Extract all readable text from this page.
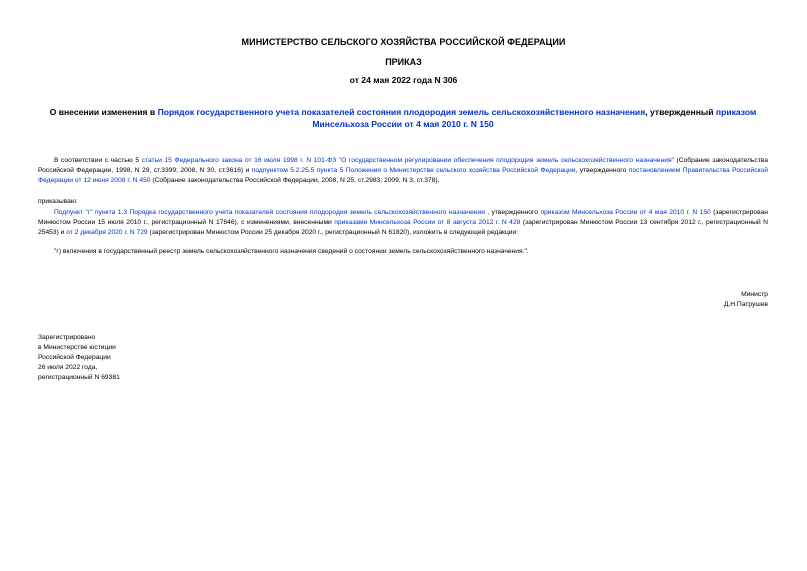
МИНИСТЕРСТВО СЕЛЬСКОГО ХОЗЯЙСТВА РОССИЙСКОЙ ФЕДЕРАЦИИ
ПРИКАЗ
от 24 мая 2022 года N 306
О внесении изменения в Порядок государственного учета показателей состояния плодородия земель сельскохозяйственного назначения, утвержденный приказом Минсельхоза России от 4 мая 2010 г. N 150
В соответствии с частью 5 статьи 15 Федерального закона от 16 июля 1998 г. N 101-ФЗ "О государственном регулировании обеспечения плодородия земель сельскохозяйственного назначения" (Собрание законодательства Российской Федерации, 1998, N 29, ст.3399; 2008, N 30, ст.3616) и подпунктом 5.2.25.5 пункта 5 Положения о Министерстве сельского хозяйства Российской Федерации, утвержденного постановлением Правительства Российской Федерации от 12 июня 2008 г. N 450 (Собрание законодательства Российской Федерации, 2008, N 25, ст.2983; 2009, N 3, ст.378),
приказываю:
Подпункт "г" пункта 1.3 Порядка государственного учета показателей состояния плодородия земель сельскохозяйственного назначения , утвержденного приказом Минсельхоза России от 4 мая 2010 г. N 150 (зарегистрирован Минюстом России 15 июля 2010 г., регистрационный N 17846), с изменениями, внесенными приказами Минсельхоза России от 8 августа 2012 г. N 428 (зарегистрирован Минюстом России 13 сентября 2012 г., регистрационный N 25453) и от 2 декабря 2020 г. N 729 (зарегистрирован Минюстом России 25 декабря 2020 г., регистрационный N 61820), изложить в следующей редакции:
"г) включения в государственный реестр земель сельскохозяйственного назначения сведений о состоянии земель сельскохозяйственного назначения.".
Министр
Д.Н.Патрушев
Зарегистрировано
в Министерстве юстиции
Российской Федерации
26 июля 2022 года,
регистрационный N 69381
